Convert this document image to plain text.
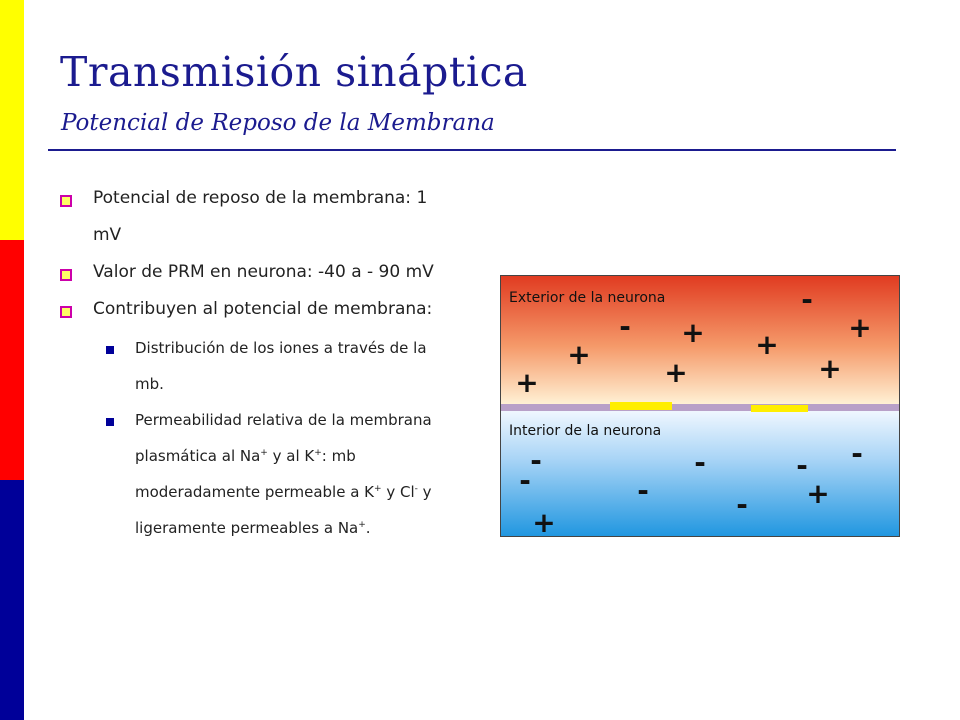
Transmisión sináptica
Potencial de Reposo de la Membrana
Potencial de reposo de la membrana: 1 mV
Valor de PRM en neurona: -40 a - 90 mV
Contribuyen al potencial de membrana:
Distribución de los iones a través de la mb.
Permeabilidad relativa de la membrana plasmática al Na+ y al K+: mb moderadamente permeable a K+ y Cl- y ligeramente permeables a Na+.
Exterior de la neurona
Interior de la neurona
+
+
- +
+
+
-
+
+
-
-
+
-
-
-
- -
+
